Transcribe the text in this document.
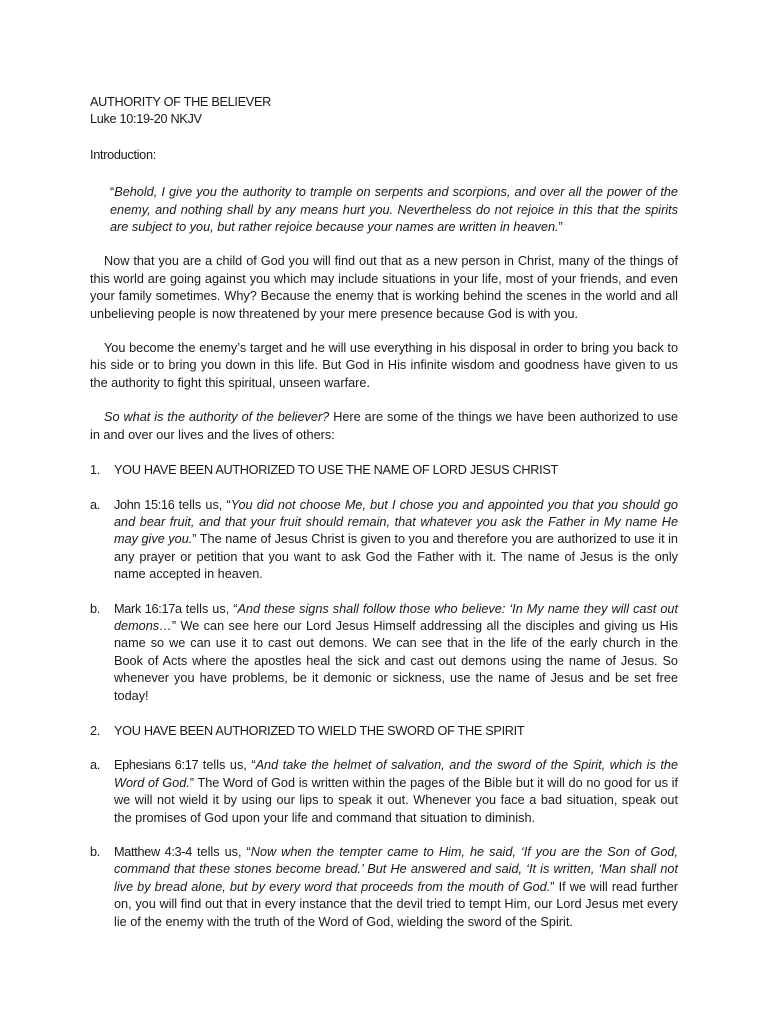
AUTHORITY OF THE BELIEVER
Luke 10:19-20 NKJV
Introduction:
“Behold, I give you the authority to trample on serpents and scorpions, and over all the power of the enemy, and nothing shall by any means hurt you. Nevertheless do not rejoice in this that the spirits are subject to you, but rather rejoice because your names are written in heaven.”

Now that you are a child of God you will find out that as a new person in Christ, many of the things of this world are going against you which may include situations in your life, most of your friends, and even your family sometimes. Why? Because the enemy that is working behind the scenes in the world and all unbelieving people is now threatened by your mere presence because God is with you.

You become the enemy’s target and he will use everything in his disposal in order to bring you back to his side or to bring you down in this life. But God in His infinite wisdom and goodness have given to us the authority to fight this spiritual, unseen warfare.

So what is the authority of the believer? Here are some of the things we have been authorized to use in and over our lives and the lives of others:

1.	YOU HAVE BEEN AUTHORIZED TO USE THE NAME OF LORD JESUS CHRIST
a.	John 15:16 tells us, “You did not choose Me, but I chose you and appointed you that you should go and bear fruit, and that your fruit should remain, that whatever you ask the Father in My name He may give you.” The name of Jesus Christ is given to you and therefore you are authorized to use it in any prayer or petition that you want to ask God the Father with it. The name of Jesus is the only name accepted in heaven.
b.	Mark 16:17a tells us, “And these signs shall follow those who believe: ‘In My name they will cast out demons…” We can see here our Lord Jesus Himself addressing all the disciples and giving us His name so we can use it to cast out demons. We can see that in the life of the early church in the Book of Acts where the apostles heal the sick and cast out demons using the name of Jesus. So whenever you have problems, be it demonic or sickness, use the name of Jesus and be set free today!
2.	YOU HAVE BEEN AUTHORIZED TO WIELD THE SWORD OF THE SPIRIT
a.	Ephesians 6:17 tells us, “And take the helmet of salvation, and the sword of the Spirit, which is the Word of God.” The Word of God is written within the pages of the Bible but it will do no good for us if we will not wield it by using our lips to speak it out. Whenever you face a bad situation, speak out the promises of God upon your life and command that situation to diminish.
b.	Matthew 4:3-4 tells us, “Now when the tempter came to Him, he said, ‘If you are the Son of God, command that these stones become bread.’ But He answered and said, ‘It is written, ‘Man shall not live by bread alone, but by every word that proceeds from the mouth of God.” If we will read further on, you will find out that in every instance that the devil tried to tempt Him, our Lord Jesus met every lie of the enemy with the truth of the Word of God, wielding the sword of the Spirit.
